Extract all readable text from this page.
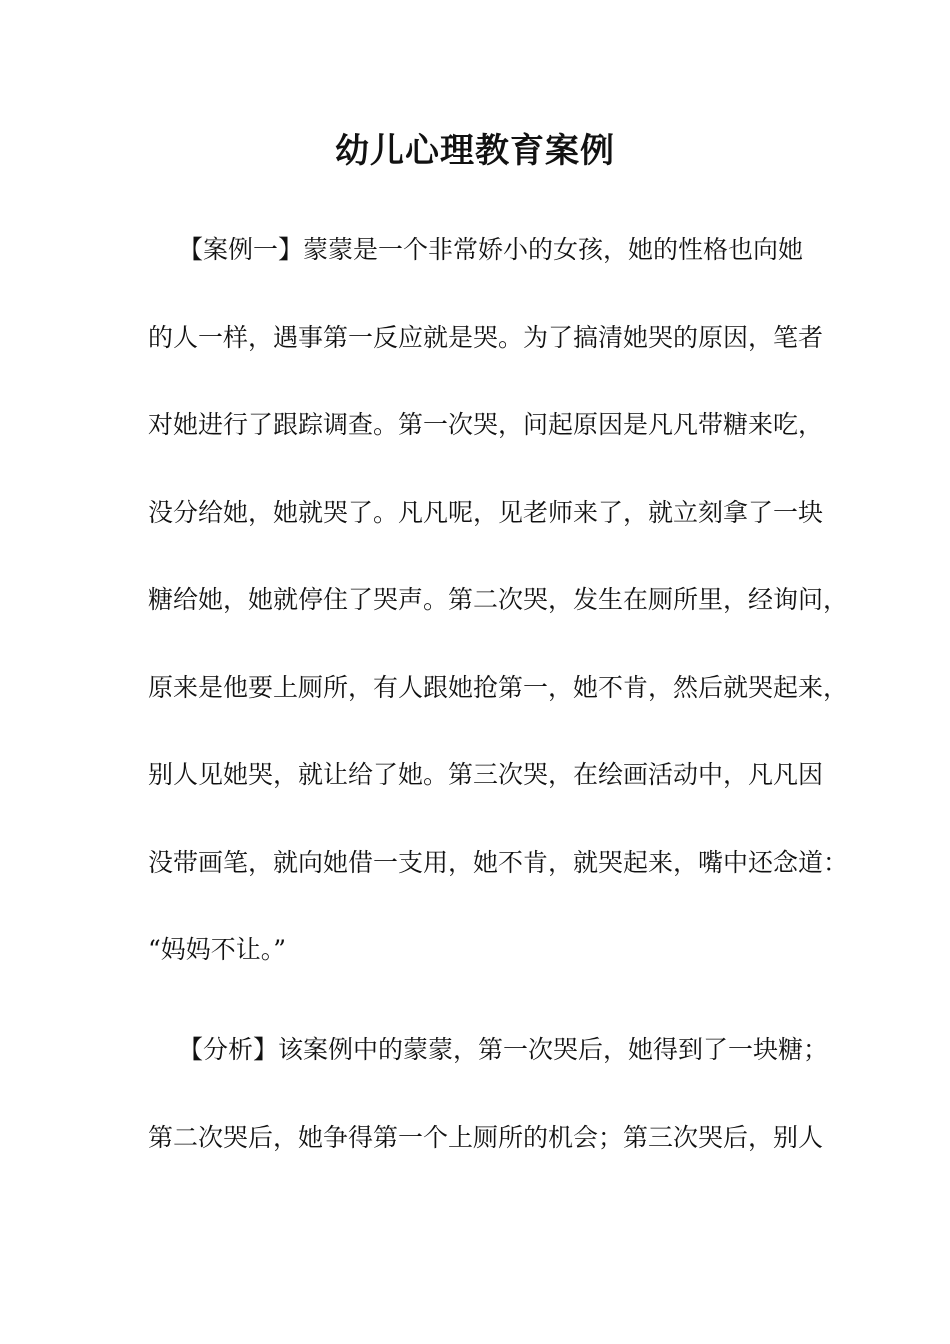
幼儿心理教育案例

【案例一】蒙蒙是一个非常娇小的女孩，她的性格也向她

的人一样，遇事第一反应就是哭。为了搞清她哭的原因，笔者

对她进行了跟踪调查。第一次哭，问起原因是凡凡带糖来吃，

没分给她，她就哭了。凡凡呢，见老师来了，就立刻拿了一块

糖给她，她就停住了哭声。第二次哭，发生在厕所里，经询问，

原来是他要上厕所，有人跟她抢第一，她不肯，然后就哭起来，

别人见她哭，就让给了她。第三次哭，在绘画活动中，凡凡因

没带画笔，就向她借一支用，她不肯，就哭起来，嘴中还念道：

“妈妈不让。”

【分析】该案例中的蒙蒙，第一次哭后，她得到了一块糖；

第二次哭后，她争得第一个上厕所的机会；第三次哭后，别人
